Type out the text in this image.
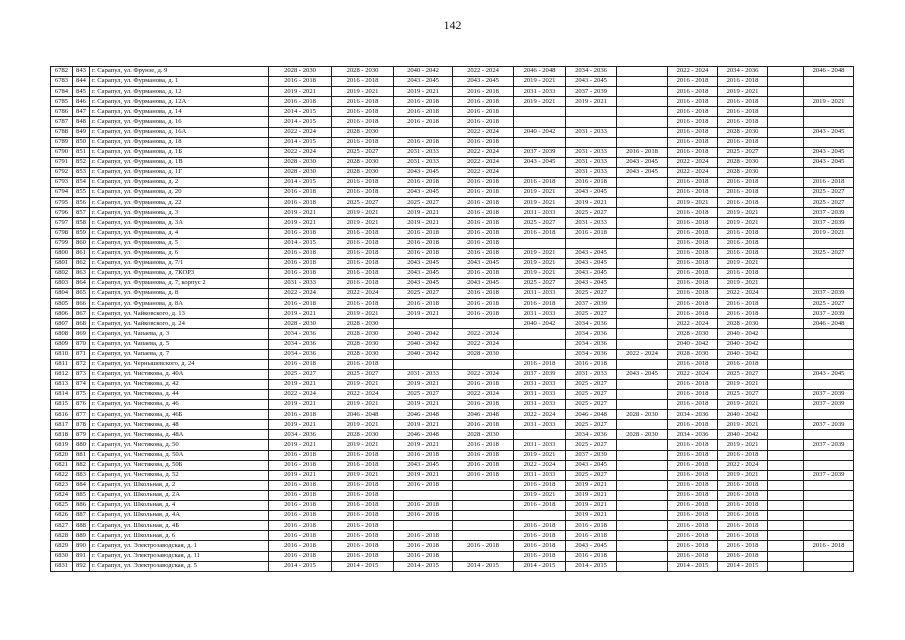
142
6782	843	г. Сарапул, ул. Фрунзе, д. 9	2028 - 2030	2028 - 2030	2040 - 2042	2022 - 2024	2046 - 2048	2034 - 2036		2022 - 2024	2034 - 2036		2046 - 2048
6783	844	г. Сарапул, ул. Фурманова, д. 1	2016 - 2018	2016 - 2018	2043 - 2045	2043 - 2045	2019 - 2021	2043 - 2045		2016 - 2018	2016 - 2018		
6784	845	г. Сарапул, ул. Фурманова, д. 12	2019 - 2021	2019 - 2021	2019 - 2021	2016 - 2018	2031 - 2033	2037 - 2039		2016 - 2018	2019 - 2021		
6785	846	г. Сарапул, ул. Фурманова, д. 12А	2016 - 2018	2016 - 2018	2016 - 2018	2016 - 2018	2019 - 2021	2019 - 2021		2016 - 2018	2016 - 2018		2019 - 2021
6786	847	г. Сарапул, ул. Фурманова, д. 14	2014 - 2015	2016 - 2018	2016 - 2018	2016 - 2018				2016 - 2018	2016 - 2018		
6787	848	г. Сарапул, ул. Фурманова, д. 16	2014 - 2015	2016 - 2018	2016 - 2018	2016 - 2018				2016 - 2018	2016 - 2018		
6788	849	г. Сарапул, ул. Фурманова, д. 16А	2022 - 2024	2028 - 2030		2022 - 2024	2040 - 2042	2031 - 2033		2016 - 2018	2028 - 2030		2043 - 2045
6789	850	г. Сарапул, ул. Фурманова, д. 18	2014 - 2015	2016 - 2018	2016 - 2018	2016 - 2018				2016 - 2018	2016 - 2018		
6790	851	г. Сарапул, ул. Фурманова, д. 1Б	2022 - 2024	2025 - 2027	2031 - 2033	2022 - 2024	2037 - 2039	2031 - 2033	2016 - 2018	2016 - 2018	2025 - 2027		2043 - 2045
6791	852	г. Сарапул, ул. Фурманова, д. 1В	2028 - 2030	2028 - 2030	2031 - 2033	2022 - 2024	2043 - 2045	2031 - 2033	2043 - 2045	2022 - 2024	2028 - 2030		2043 - 2045
6792	853	г. Сарапул, ул. Фурманова, д. 1Г	2028 - 2030	2028 - 2030	2043 - 2045	2022 - 2024		2031 - 2033	2043 - 2045	2022 - 2024	2028 - 2030		
6793	854	г. Сарапул, ул. Фурманова, д. 2	2014 - 2015	2016 - 2018	2016 - 2018	2016 - 2018	2016 - 2018	2016 - 2018		2016 - 2018	2016 - 2018		2016 - 2018
6794	855	г. Сарапул, ул. Фурманова, д. 20	2016 - 2018	2016 - 2018	2043 - 2045	2016 - 2018	2019 - 2021	2043 - 2045		2016 - 2018	2016 - 2018		2025 - 2027
6795	856	г. Сарапул, ул. Фурманова, д. 22	2016 - 2018	2025 - 2027	2025 - 2027	2016 - 2018	2019 - 2021	2019 - 2021		2019 - 2021	2016 - 2018		2025 - 2027
6796	857	г. Сарапул, ул. Фурманова, д. 3	2019 - 2021	2019 - 2021	2019 - 2021	2016 - 2018	2031 - 2033	2025 - 2027		2016 - 2018	2019 - 2021		2037 - 2039
6797	858	г. Сарапул, ул. Фурманова, д. 3А	2019 - 2021	2019 - 2021	2019 - 2021	2016 - 2018	2025 - 2027	2031 - 2033		2016 - 2018	2019 - 2021		2037 - 2039
6798	859	г. Сарапул, ул. Фурманова, д. 4	2016 - 2018	2016 - 2018	2016 - 2018	2016 - 2018	2016 - 2018	2016 - 2018		2016 - 2018	2016 - 2018		2019 - 2021
6799	860	г. Сарапул, ул. Фурманова, д. 5	2014 - 2015	2016 - 2018	2016 - 2018	2016 - 2018				2016 - 2018	2016 - 2018		
6800	861	г. Сарапул, ул. Фурманова, д. 6	2016 - 2018	2016 - 2018	2016 - 2018	2016 - 2018	2019 - 2021	2043 - 2045		2016 - 2018	2016 - 2018		2025 - 2027
6801	862	г. Сарапул, ул. Фурманова, д. 7/1	2016 - 2018	2016 - 2018	2043 - 2045	2043 - 2045	2019 - 2021	2043 - 2045		2016 - 2018	2019 - 2021		
6802	863	г. Сарапул, ул. Фурманова, д. 7КОР3	2016 - 2018	2016 - 2018	2043 - 2045	2016 - 2018	2019 - 2021	2043 - 2045		2016 - 2018	2016 - 2018		
6803	864	г. Сарапул, ул. Фурманова, д. 7, корпус 2	2031 - 2033	2016 - 2018	2043 - 2045	2043 - 2045	2025 - 2027	2043 - 2045		2016 - 2018	2019 - 2021		
6804	865	г. Сарапул, ул. Фурманова, д. 8	2022 - 2024	2022 - 2024	2025 - 2027	2016 - 2018	2031 - 2033	2025 - 2027		2016 - 2018	2022 - 2024		2037 - 2039
6805	866	г. Сарапул, ул. Фурманова, д. 8А	2016 - 2018	2016 - 2018	2016 - 2018	2016 - 2018	2016 - 2018	2037 - 2039		2016 - 2018	2016 - 2018		2025 - 2027
6806	867	г. Сарапул, ул. Чайковского, д. 13	2019 - 2021	2019 - 2021	2019 - 2021	2016 - 2018	2031 - 2033	2025 - 2027		2016 - 2018	2016 - 2018		2037 - 2039
6807	868	г. Сарапул, ул. Чайковского, д. 24	2028 - 2030	2028 - 2030			2040 - 2042	2034 - 2036		2022 - 2024	2028 - 2030		2046 - 2048
6808	869	г. Сарапул, ул. Чапаева, д. 3	2034 - 2036	2028 - 2030	2040 - 2042	2022 - 2024		2034 - 2036		2028 - 2030	2040 - 2042		
6809	870	г. Сарапул, ул. Чапаева, д. 5	2034 - 2036	2028 - 2030	2040 - 2042	2022 - 2024		2034 - 2036		2040 - 2042	2040 - 2042		
6810	871	г. Сарапул, ул. Чапаева, д. 7	2034 - 2036	2028 - 2030	2040 - 2042	2028 - 2030		2034 - 2036	2022 - 2024	2028 - 2030	2040 - 2042		
6811	872	г. Сарапул, ул. Чернышевского, д. 24	2016 - 2018	2016 - 2018			2016 - 2018	2016 - 2018		2016 - 2018	2016 - 2018		
6812	873	г. Сарапул, ул. Чистякова, д. 40А	2025 - 2027	2025 - 2027	2031 - 2033	2022 - 2024	2037 - 2039	2031 - 2033	2043 - 2045	2022 - 2024	2025 - 2027		2043 - 2045
6813	874	г. Сарапул, ул. Чистякова, д. 42	2019 - 2021	2019 - 2021	2019 - 2021	2016 - 2018	2031 - 2033	2025 - 2027		2016 - 2018	2019 - 2021		
6814	875	г. Сарапул, ул. Чистякова, д. 44	2022 - 2024	2022 - 2024	2025 - 2027	2022 - 2024	2031 - 2033	2025 - 2027		2016 - 2018	2025 - 2027		2037 - 2039
6815	876	г. Сарапул, ул. Чистякова, д. 46	2019 - 2021	2019 - 2021	2019 - 2021	2016 - 2018	2031 - 2033	2025 - 2027		2016 - 2018	2019 - 2021		2037 - 2039
6816	877	г. Сарапул, ул. Чистякова, д. 46Б	2016 - 2018	2046 - 2048	2046 - 2048	2046 - 2048	2022 - 2024	2046 - 2048	2028 - 2030	2034 - 2036	2040 - 2042		
6817	878	г. Сарапул, ул. Чистякова, д. 48	2019 - 2021	2019 - 2021	2019 - 2021	2016 - 2018	2031 - 2033	2025 - 2027		2016 - 2018	2019 - 2021		2037 - 2039
6818	879	г. Сарапул, ул. Чистякова, д. 48А	2034 - 2036	2028 - 2030	2046 - 2048	2028 - 2030		2034 - 2036	2028 - 2030	2034 - 2036	2040 - 2042		
6819	880	г. Сарапул, ул. Чистякова, д. 50	2019 - 2021	2019 - 2021	2019 - 2021	2016 - 2018	2031 - 2033	2025 - 2027		2016 - 2018	2019 - 2021		2037 - 2039
6820	881	г. Сарапул, ул. Чистякова, д. 50А	2016 - 2018	2016 - 2018	2016 - 2018	2016 - 2018	2019 - 2021	2037 - 2039		2016 - 2018	2016 - 2018		
6821	882	г. Сарапул, ул. Чистякова, д. 50Б	2016 - 2018	2016 - 2018	2043 - 2045	2016 - 2018	2022 - 2024	2043 - 2045		2016 - 2018	2022 - 2024		
6822	883	г. Сарапул, ул. Чистякова, д. 52	2019 - 2021	2019 - 2021	2019 - 2021	2016 - 2018	2031 - 2033	2025 - 2027		2016 - 2018	2019 - 2021		2037 - 2039
6823	884	г. Сарапул, ул. Школьная, д. 2	2016 - 2018	2016 - 2018	2016 - 2018		2016 - 2018	2019 - 2021		2016 - 2018	2016 - 2018		
6824	885	г. Сарапул, ул. Школьная, д. 2А	2016 - 2018	2016 - 2018			2019 - 2021	2019 - 2021		2016 - 2018	2016 - 2018		
6825	886	г. Сарапул, ул. Школьная, д. 4	2016 - 2018	2016 - 2018	2016 - 2018		2016 - 2018	2019 - 2021		2016 - 2018	2016 - 2018		
6826	887	г. Сарапул, ул. Школьная, д. 4А	2016 - 2018	2016 - 2018	2016 - 2018			2019 - 2021		2016 - 2018	2016 - 2018		
6827	888	г. Сарапул, ул. Школьная, д. 4Б	2016 - 2018	2016 - 2018			2016 - 2018	2016 - 2018		2016 - 2018	2016 - 2018		
6828	889	г. Сарапул, ул. Школьная, д. 6	2016 - 2018	2016 - 2018	2016 - 2018		2016 - 2018	2016 - 2018		2016 - 2018	2016 - 2018		
6829	890	г. Сарапул, ул. Электрозаводская, д. 1	2016 - 2018	2016 - 2018	2016 - 2018	2016 - 2018	2016 - 2018	2043 - 2045		2016 - 2018	2016 - 2018		2016 - 2018
6830	891	г. Сарапул, ул. Электрозаводская, д. 11	2016 - 2018	2016 - 2018	2016 - 2018		2016 - 2018	2016 - 2018		2016 - 2018	2016 - 2018		
6831	892	г. Сарапул, ул. Электрозаводская, д. 5	2014 - 2015	2014 - 2015	2014 - 2015	2014 - 2015	2014 - 2015	2014 - 2015		2014 - 2015	2014 - 2015		
